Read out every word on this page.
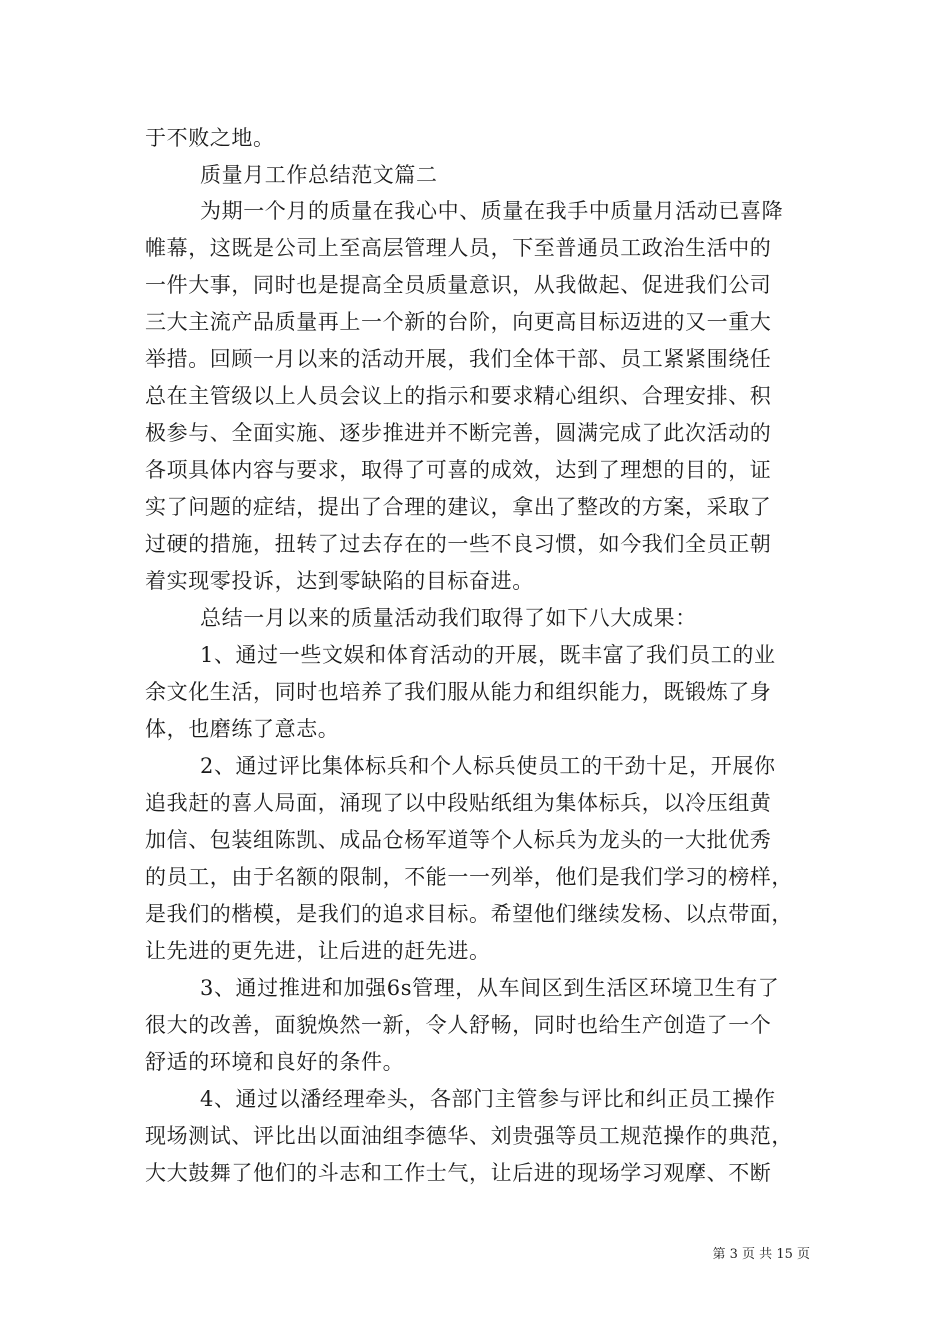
于不败之地。
质量月工作总结范文篇二
为期一个月的质量在我心中、质量在我手中质量月活动已喜降
帷幕，这既是公司上至高层管理人员，下至普通员工政治生活中的
一件大事，同时也是提高全员质量意识，从我做起、促进我们公司
三大主流产品质量再上一个新的台阶，向更高目标迈进的又一重大
举措。回顾一月以来的活动开展，我们全体干部、员工紧紧围绕任
总在主管级以上人员会议上的指示和要求精心组织、合理安排、积
极参与、全面实施、逐步推进并不断完善，圆满完成了此次活动的
各项具体内容与要求，取得了可喜的成效，达到了理想的目的，证
实了问题的症结，提出了合理的建议，拿出了整改的方案，采取了
过硬的措施，扭转了过去存在的一些不良习惯，如今我们全员正朝
着实现零投诉，达到零缺陷的目标奋进。
总结一月以来的质量活动我们取得了如下八大成果：
1、通过一些文娱和体育活动的开展，既丰富了我们员工的业
余文化生活，同时也培养了我们服从能力和组织能力，既锻炼了身
体，也磨练了意志。
2、通过评比集体标兵和个人标兵使员工的干劲十足，开展你
追我赶的喜人局面，涌现了以中段贴纸组为集体标兵，以冷压组黄
加信、包装组陈凯、成品仓杨军道等个人标兵为龙头的一大批优秀
的员工，由于名额的限制，不能一一列举，他们是我们学习的榜样，
是我们的楷模，是我们的追求目标。希望他们继续发杨、以点带面，
让先进的更先进，让后进的赶先进。
3、通过推进和加强6s管理，从车间区到生活区环境卫生有了
很大的改善，面貌焕然一新，令人舒畅，同时也给生产创造了一个
舒适的环境和良好的条件。
4、通过以潘经理牵头，各部门主管参与评比和纠正员工操作
现场测试、评比出以面油组李德华、刘贵强等员工规范操作的典范，
大大鼓舞了他们的斗志和工作士气，让后进的现场学习观摩、不断
第 3 页 共 15 页
